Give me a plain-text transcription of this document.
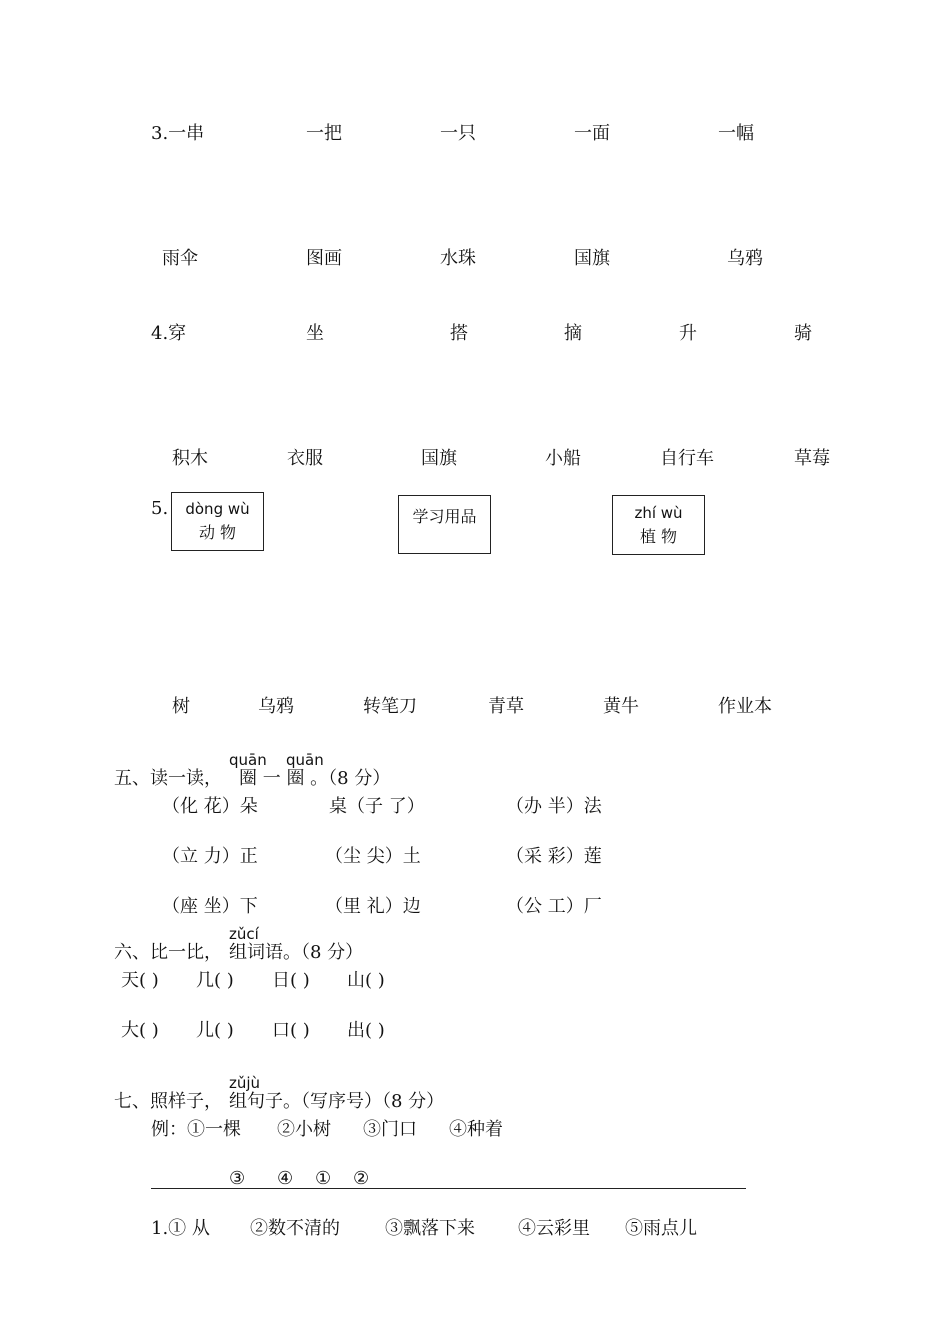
3.一串	一把	一只	一面	一幅
雨伞	图画	水珠	国旗	乌鸦
4.穿	坐	搭	摘	升	骑
积木	衣服	国旗	小船	自行车	草莓
5.	dòng wù
动 物
学习用品	zhí wù
植 物
树	乌鸦	转笔刀	青草	黄牛	作业本
quān quān
五、读一读， 圈 一 圈 。（8 分）
（化 花）朵	桌（子 了）	（办 半）法
（立 力）正	（尘 尖）土	（采 彩）莲
（座 坐）下	（里 礼）边	（公 工）厂
zǔcí
六、比一比， 组词语。（8 分）
天( ) 几( ) 日( ) 山( )
大( ) 儿( ) 口( ) 出( )
zǔjù
七、照样子， 组句子。（写序号）（8 分）
例：①一棵 ②小树 ③门口 ④种着
③ ④ ① ②
1.① 从 ②数不清的	③飘落下来 ④云彩里 ⑤雨点儿
